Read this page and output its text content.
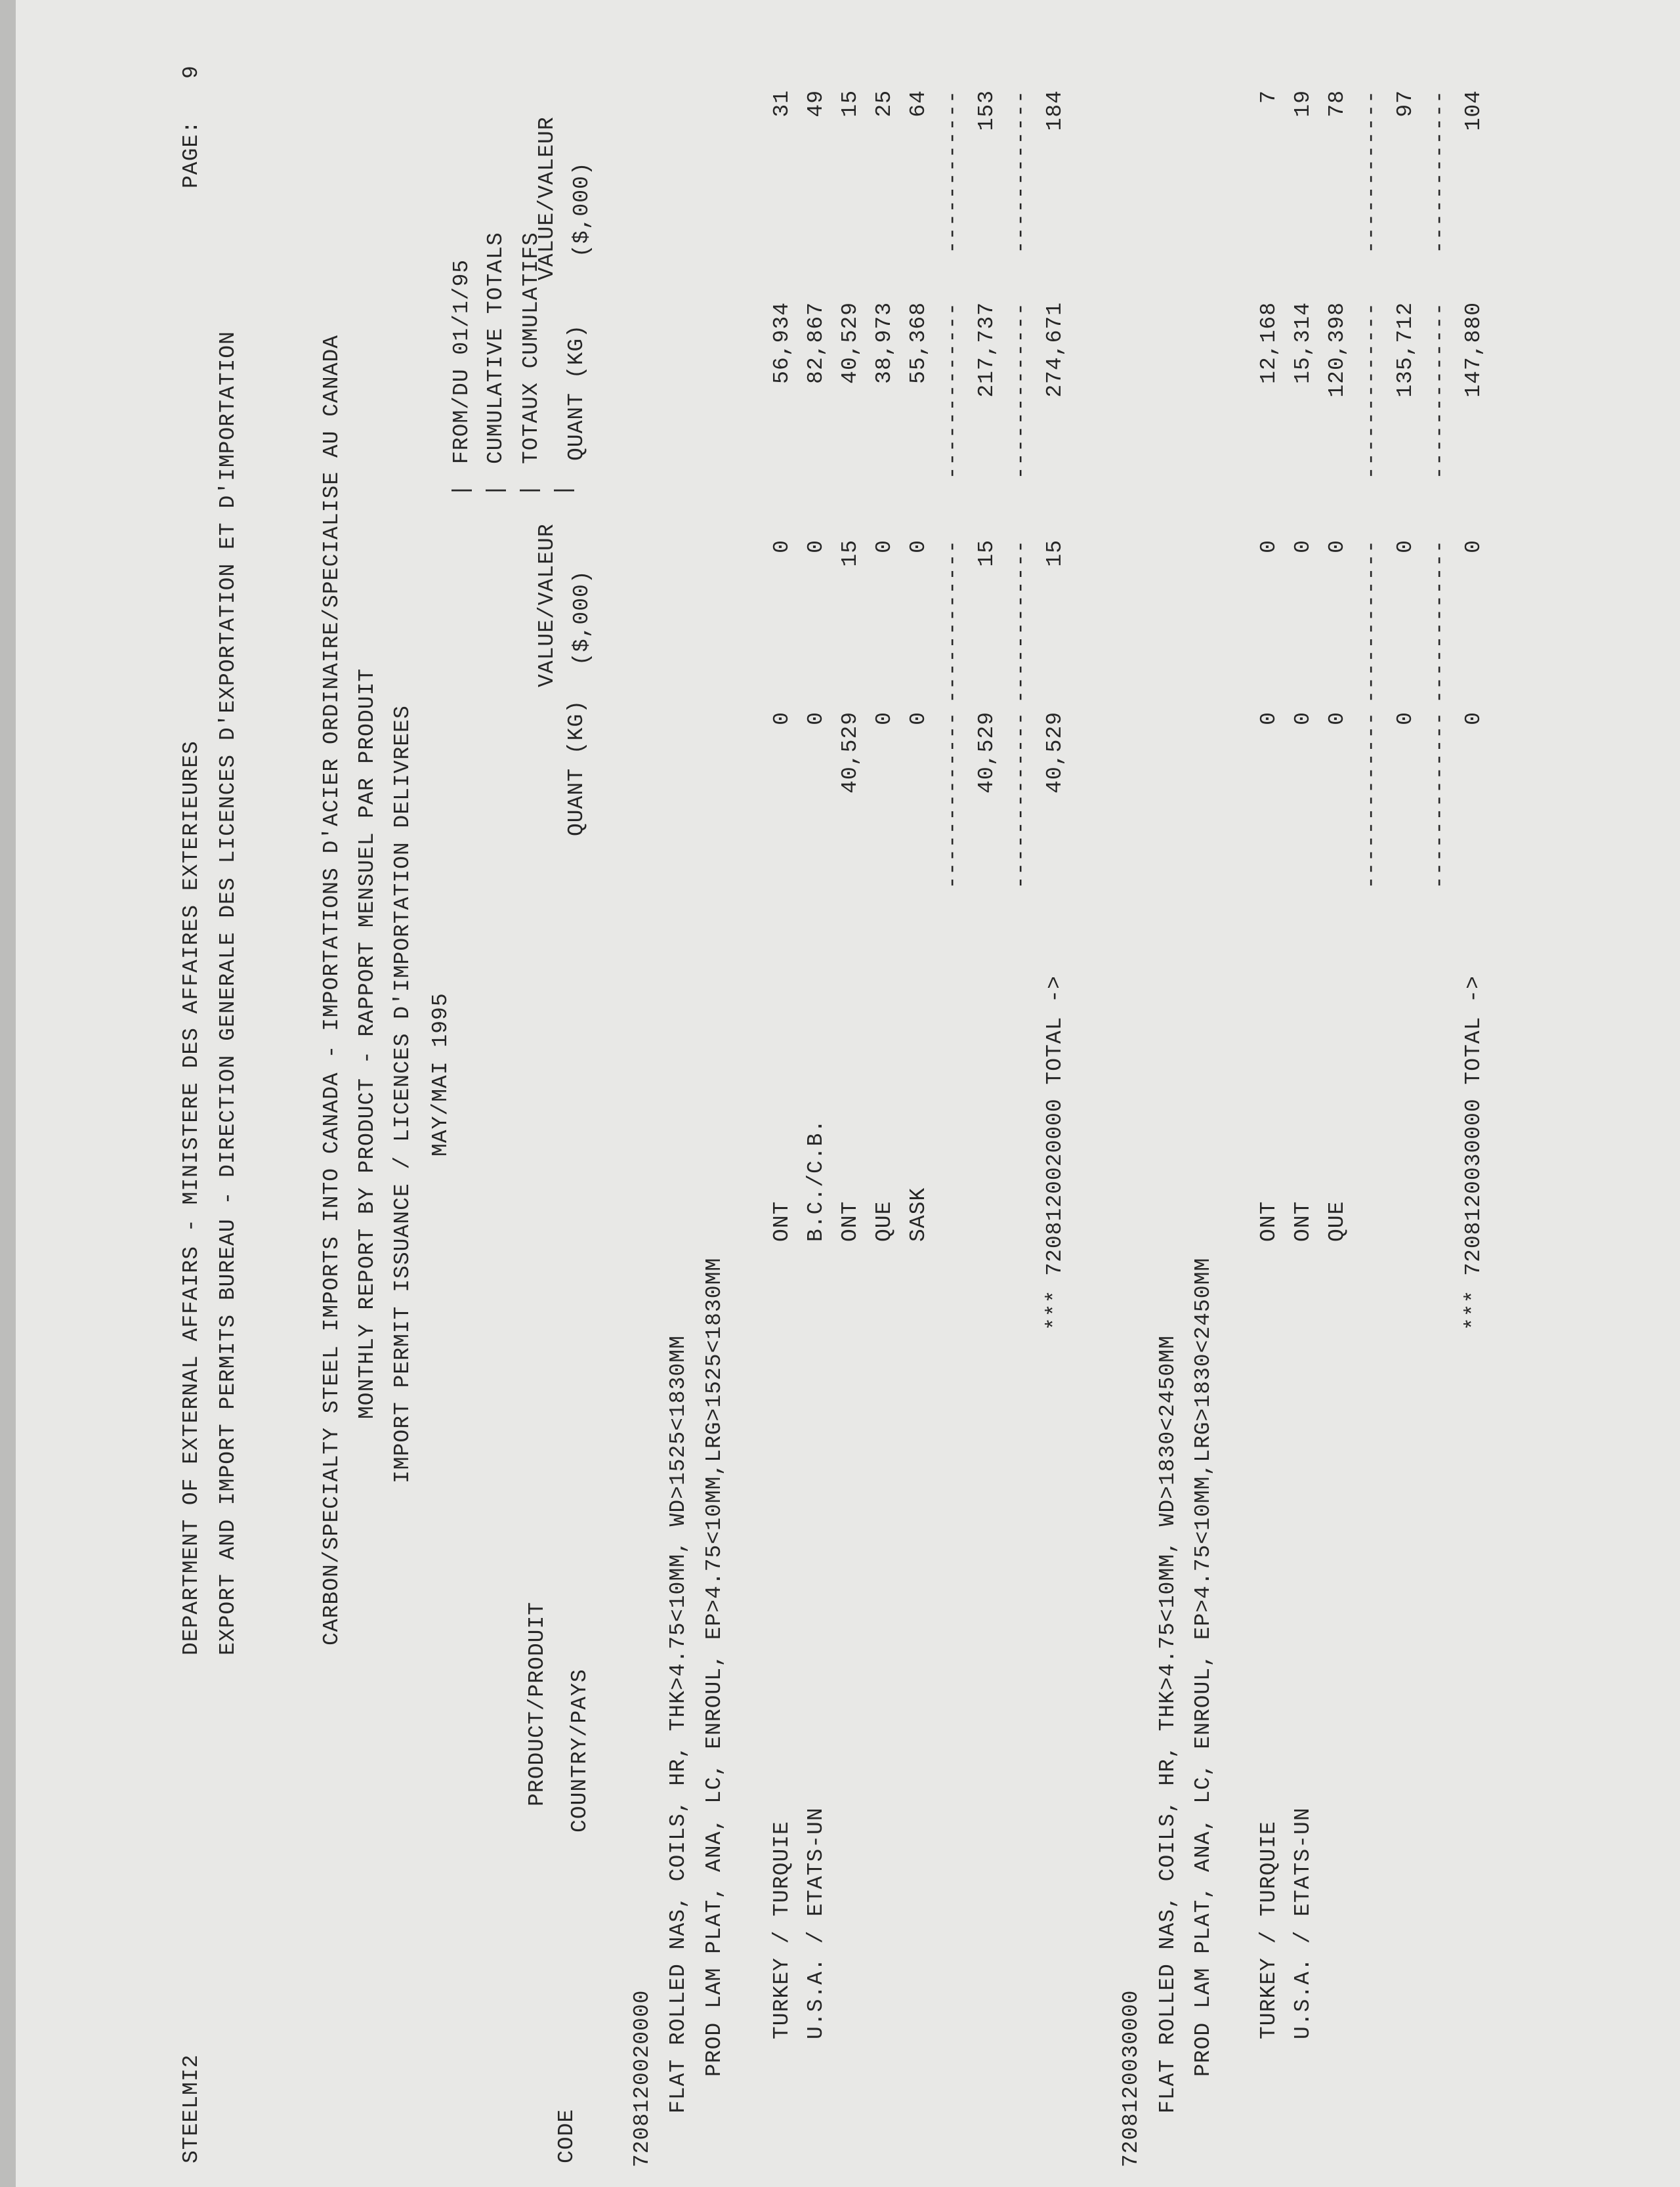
STEELMI2
DEPARTMENT OF EXTERNAL AFFAIRS - MINISTERE DES AFFAIRES EXTERIEURES EXPORT AND IMPORT PERMITS BUREAU - DIRECTION GENERALE DES LICENCES D'EXPORTATION ET D'IMPORTATION
PAGE:
9
CARBON/SPECIALTY STEEL IMPORTS INTO CANADA - IMPORTATIONS D'ACIER ORDINAIRE/SPECIALISE AU CANADA MONTHLY REPORT BY PRODUCT - RAPPORT MENSUEL PAR PRODUIT IMPORT PERMIT ISSUANCE / LICENCES D'IMPORTATION DELIVREES MAY/MAI 1995
| | | |
FROM/DU 01/1/95 CUMULATIVE TOTALS TOTAUX CUMULATIFS
CODE
PRODUCT/PRODUIT COUNTRY/PAYS
QUANT (KG)
VALUE/VALEUR ($,000)
QUANT (KG)
VALUE/VALEUR ($,000)
7208120020000 FLAT ROLLED NAS, COILS, HR, THK>4.75<10MM, WD>1525<1830MM PROD LAM PLAT, ANA, LC, ENROUL, EP>4.75<10MM,LRG>1525<1830MM TURKEY / TURQUIE U.S.A. / ETATS-UN
ONT B.C./C.B. ONT QUE SASK
0 0 40,529 0 0
0 0 15 0 0
56,934 82,867 40,529 38,973 55,368
31 49 15 25 64
-------------
------------
-------------
------------
40,529
15
217,737
153
-------------
------------
-------------
------------
*** 7208120020000 TOTAL ->
40,529
15
274,671
184
7208120030000 FLAT ROLLED NAS, COILS, HR, THK>4.75<10MM, WD>1830<2450MM PROD LAM PLAT, ANA, LC, ENROUL, EP>4.75<10MM,LRG>1830<2450MM TURKEY / TURQUIE U.S.A. / ETATS-UN
ONT ONT QUE
0 0 0
0 0 0
12,168 15,314 120,398
7 19 78
-------------
------------
-------------
------------
0
0
135,712
97
-------------
------------
-------------
------------
*** 7208120030000 TOTAL ->
0
0
147,880
104
